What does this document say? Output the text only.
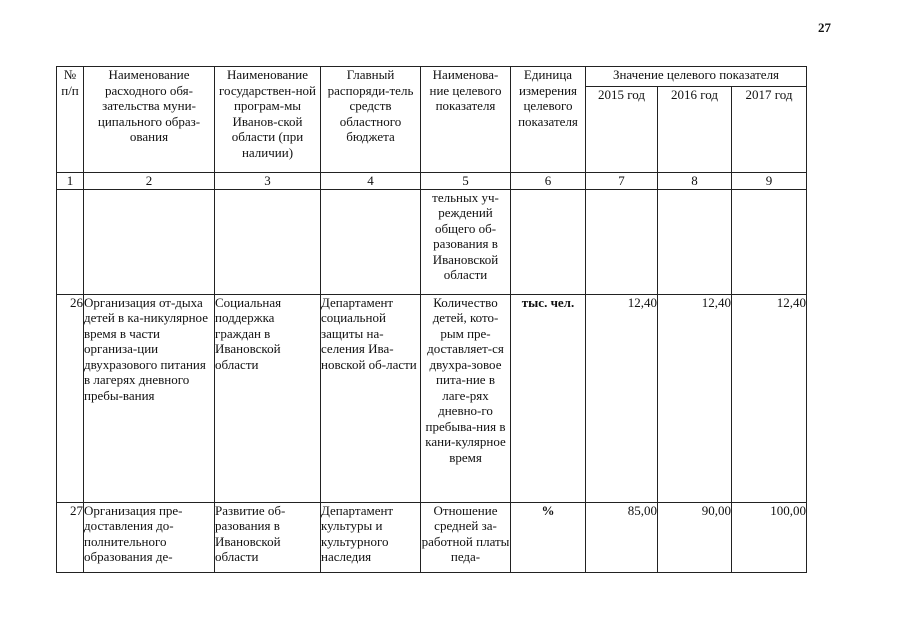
27
№ п/п	Наименование расходного обя-зательства муни-ципального образ-ования	Наименование государствен-ной програм-мы Иванов-ской области (при наличии)	Главный распоряди-тель средств областного бюджета	Наименова-ние целевого показателя	Единица измерения целевого показателя	Значение целевого показателя		

						2015 год	2016 год	2017 год

1	2	3	4	5	6	7	8	9
				тельных уч-реждений общего об-разования в Ивановской области				
26	Организация от-дыха детей в ка-никулярное время в части организа-ции двухразового питания в лагерях дневного пребы-вания	Социальная поддержка граждан в Ивановской области	Департамент социальной защиты на-селения Ива-новской об-ласти	Количество детей, кото-рым пре-доставляет-ся двухра-зовое пита-ние в лаге-рях дневно-го пребыва-ния в кани-кулярное время	тыс. чел.	12,40	12,40	12,40
27	Организация пре-доставления до-полнительного образования де-	Развитие об-разования в Ивановской области	Департамент культуры и культурного наследия	Отношение средней за-работной платы педа-	%	85,00	90,00	100,00
